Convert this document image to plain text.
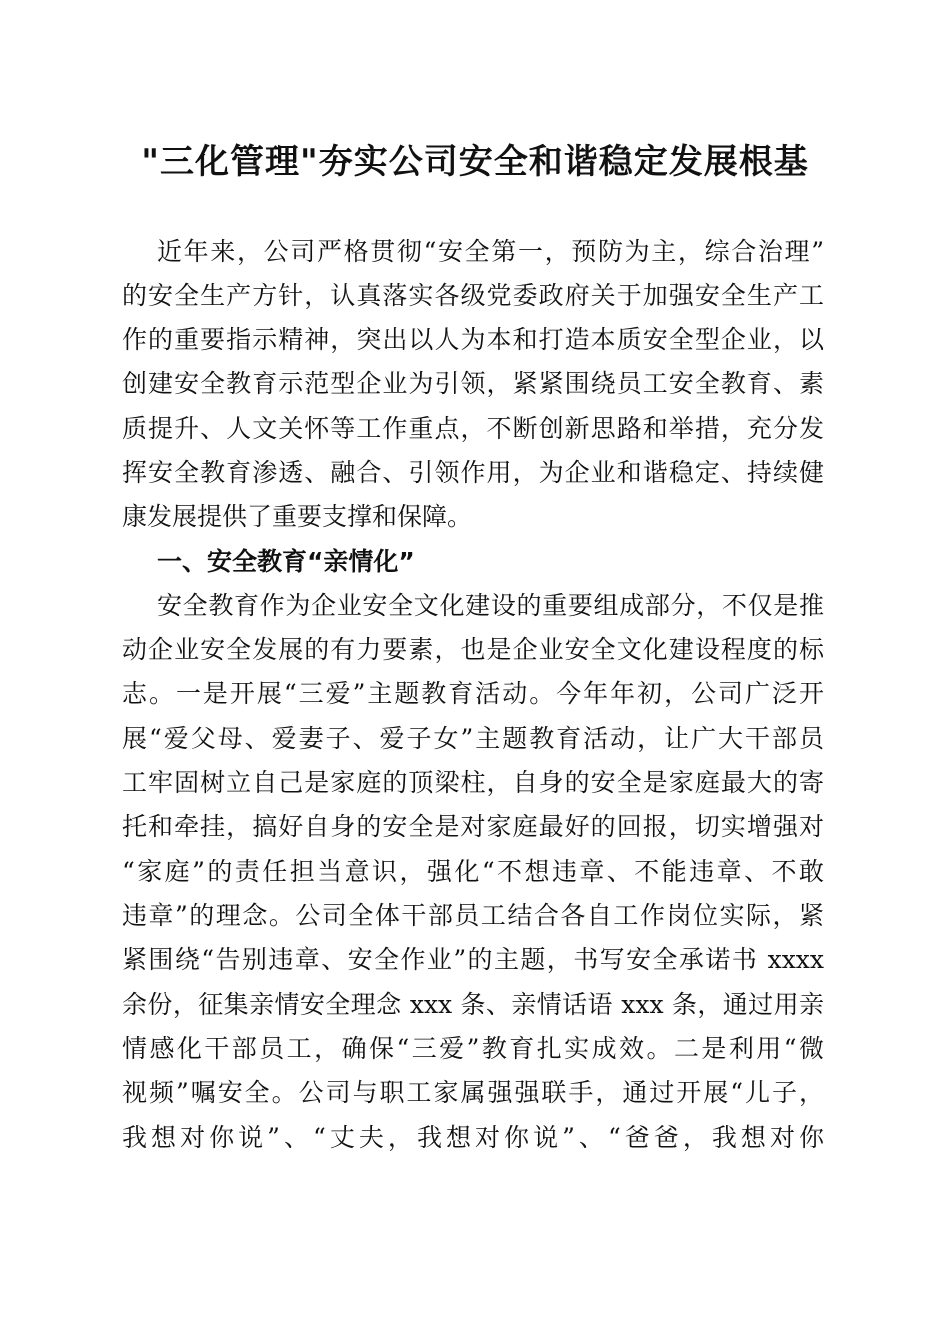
"三化管理"夯实公司安全和谐稳定发展根基
近年来，公司严格贯彻“安全第一，预防为主，综合治理”
的安全生产方针，认真落实各级党委政府关于加强安全生产工
作的重要指示精神，突出以人为本和打造本质安全型企业，以
创建安全教育示范型企业为引领，紧紧围绕员工安全教育、素
质提升、人文关怀等工作重点，不断创新思路和举措，充分发
挥安全教育渗透、融合、引领作用，为企业和谐稳定、持续健
康发展提供了重要支撑和保障。
一、安全教育“亲情化”
安全教育作为企业安全文化建设的重要组成部分，不仅是推
动企业安全发展的有力要素，也是企业安全文化建设程度的标
志。一是开展“三爱”主题教育活动。今年年初，公司广泛开
展“爱父母、爱妻子、爱子女”主题教育活动，让广大干部员
工牢固树立自己是家庭的顶梁柱，自身的安全是家庭最大的寄
托和牵挂，搞好自身的安全是对家庭最好的回报，切实增强对
“家庭”的责任担当意识，强化“不想违章、不能违章、不敢
违章”的理念。公司全体干部员工结合各自工作岗位实际，紧
紧围绕“告别违章、安全作业”的主题，书写安全承诺书 xxxx
余份，征集亲情安全理念 xxx 条、亲情话语 xxx 条，通过用亲
情感化干部员工，确保“三爱”教育扎实成效。二是利用“微
视频”嘱安全。公司与职工家属强强联手，通过开展“儿子，
我想对你说”、“丈夫，我想对你说”、“爸爸，我想对你
